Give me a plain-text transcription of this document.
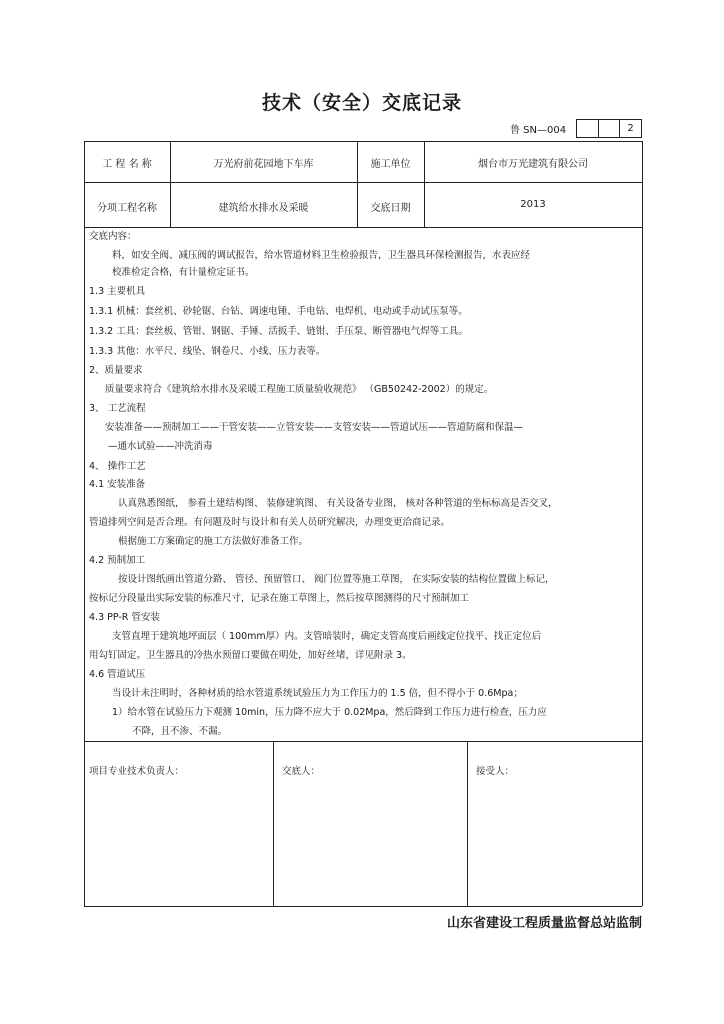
技术（安全）交底记录
鲁 SN—004	2
工 程 名 称	万光府前花园地下车库	施工单位	烟台市万光建筑有限公司
分项工程名称	建筑给水排水及采暖	交底日期	2013
交底内容：
料，如安全阀、减压阀的调试报告，给水管道材料卫生检验报告，卫生器具环保检测报告，水表应经
校准检定合格，有计量检定证书。
1.3 主要机具
1.3.1 机械：套丝机、砂轮锯、台钻、调速电锤、手电钻、电焊机、电动或手动试压泵等。
1.3.2 工具：套丝板、管钳、钢锯、手锤、活扳手、链钳、手压泵、断管器电气焊等工具。
1.3.3 其他：水平尺、线坠、钢卷尺、小线、压力表等。
2、质量要求
质量要求符合《建筑给水排水及采暖工程施工质量验收规范》 （GB50242-2002）的规定。
3、 工艺流程
安装准备——预制加工——干管安装——立管安装——支管安装——管道试压——管道防腐和保温—
—通水试验——冲洗消毒
4、 操作工艺
4.1 安装准备
认真熟悉图纸， 参看土建结构图、 装修建筑图、 有关设备专业图， 核对各种管道的坐标标高是否交叉，
管道排列空间是否合理。有问题及时与设计和有关人员研究解决，办理变更洽商记录。
根据施工方案确定的施工方法做好准备工作。
4.2 预制加工
按设计图纸画出管道分路、 管径、预留管口、 阀门位置等施工草图， 在实际安装的结构位置做上标记，
按标记分段量出实际安装的标准尺寸，记录在施工草图上，然后按草图测得的尺寸预制加工
4.3 PP-R 管安装
支管直埋于建筑地坪面层（ 100mm厚）内。支管暗装时，确定支管高度后画线定位找平、找正定位后
用勾钉固定。卫生器具的冷热水预留口要做在明处，加好丝堵，详见附录 3。
4.6 管道试压
当设计未注明时，各种材质的给水管道系统试验压力为工作压力的 1.5 倍，但不得小于 0.6Mpa；
1）给水管在试验压力下观测 10min，压力降不应大于 0.02Mpa，然后降到工作压力进行检查，压力应
不降，且不渗、不漏。
项目专业技术负责人：	交底人：	接受人：
山东省建设工程质量监督总站监制
